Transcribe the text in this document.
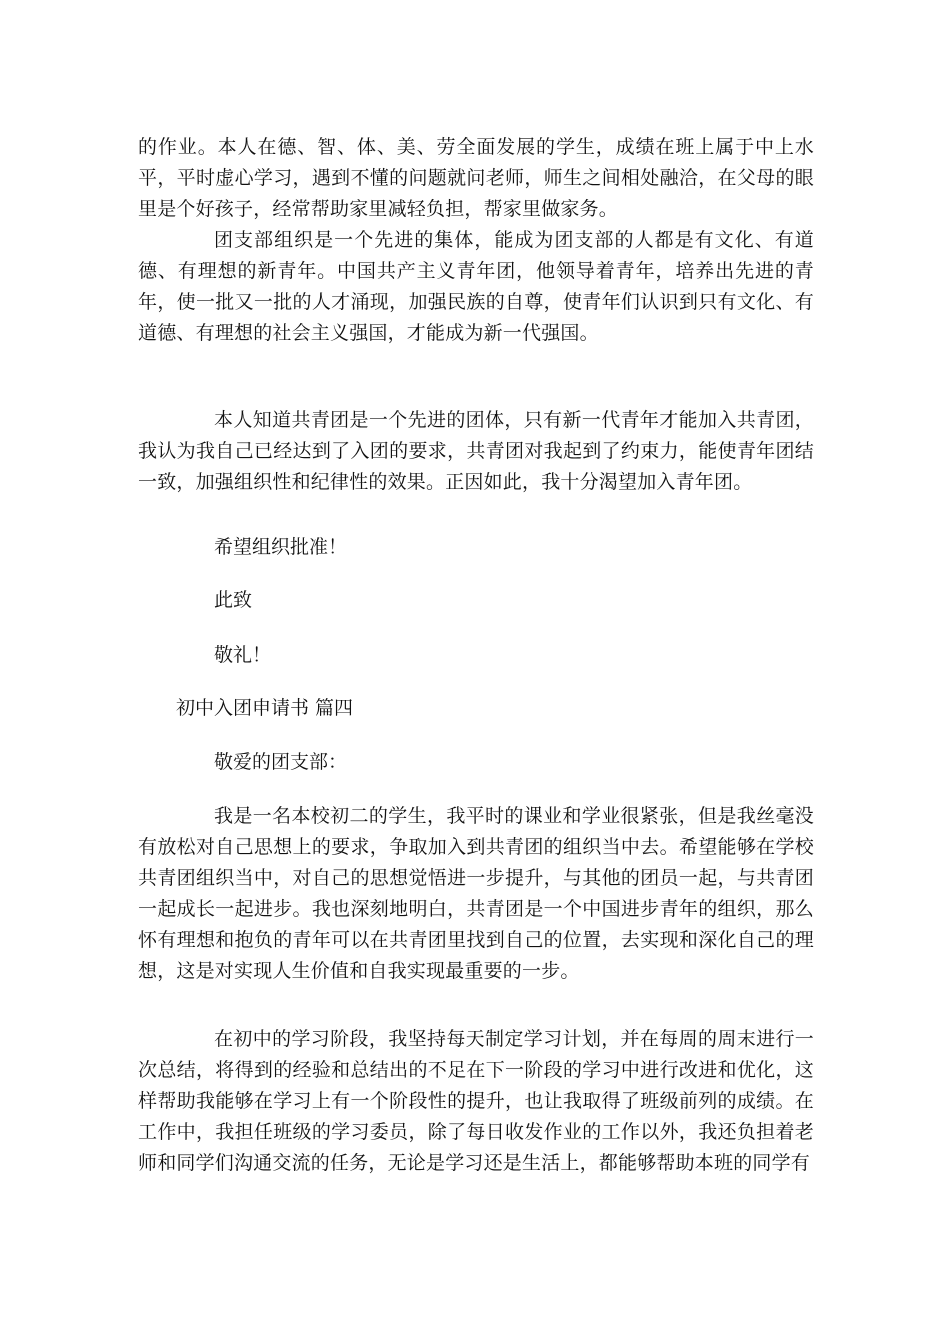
的作业。本人在德、智、体、美、劳全面发展的学生，成绩在班上属于中上水平，平时虚心学习，遇到不懂的问题就问老师，师生之间相处融洽，在父母的眼里是个好孩子，经常帮助家里减轻负担，帮家里做家务。

团支部组织是一个先进的集体，能成为团支部的人都是有文化、有道德、有理想的新青年。中国共产主义青年团，他领导着青年，培养出先进的青年，使一批又一批的人才涌现，加强民族的自尊，使青年们认识到只有文化、有道德、有理想的社会主义强国，才能成为新一代强国。

本人知道共青团是一个先进的团体，只有新一代青年才能加入共青团，我认为我自己已经达到了入团的要求，共青团对我起到了约束力，能使青年团结一致，加强组织性和纪律性的效果。正因如此，我十分渴望加入青年团。

希望组织批准！

此致

敬礼！

初中入团申请书 篇四

敬爱的团支部：

我是一名本校初二的学生，我平时的课业和学业很紧张，但是我丝毫没有放松对自己思想上的要求，争取加入到共青团的组织当中去。希望能够在学校共青团组织当中，对自己的思想觉悟进一步提升，与其他的团员一起，与共青团一起成长一起进步。我也深刻地明白，共青团是一个中国进步青年的组织，那么怀有理想和抱负的青年可以在共青团里找到自己的位置，去实现和深化自己的理想，这是对实现人生价值和自我实现最重要的一步。

在初中的学习阶段，我坚持每天制定学习计划，并在每周的周末进行一次总结，将得到的经验和总结出的不足在下一阶段的学习中进行改进和优化，这样帮助我能够在学习上有一个阶段性的提升，也让我取得了班级前列的成绩。在工作中，我担任班级的学习委员，除了每日收发作业的工作以外，我还负担着老师和同学们沟通交流的任务，无论是学习还是生活上，都能够帮助本班的同学有
